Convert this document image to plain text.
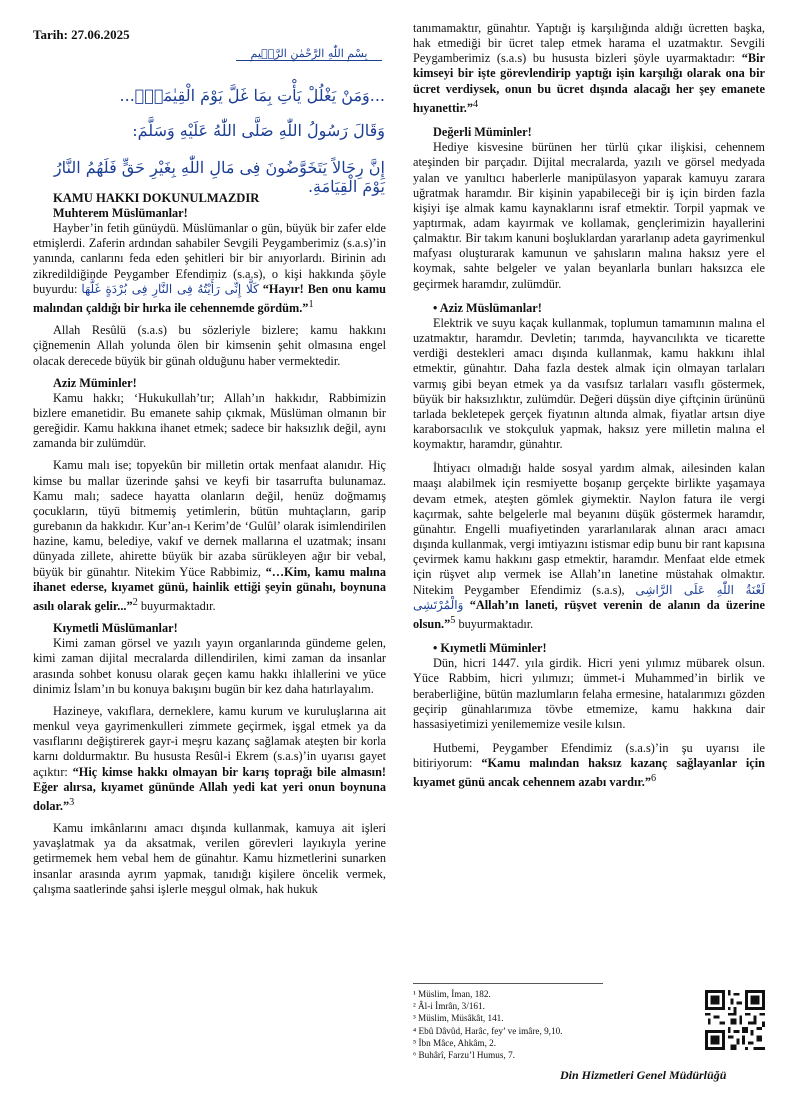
Tarih: 27.06.2025
بِسْمِ اللّٰهِ الرَّحْمٰنِ الرَّح۪يمِ
...وَمَنْ يَغْلُلْ يَأْتِ بِمَا غَلَّ يَوْمَ الْقِيٰمَةِۚ...
وَقَالَ رَسُولُ اللّٰهِ صَلَّى اللّٰهُ عَلَيْهِ وَسَلَّمَ:
إِنَّ رِجَالاً يَتَخَوَّضُونَ فِى مَالِ اللّٰهِ بِغَيْرِ حَقٍّ فَلَهُمُ النَّارُ يَوْمَ الْقِيَامَةِ.
KAMU HAKKI DOKUNULMAZDIR
Muhterem Müslümanlar!

Hayber’in fetih günüydü. Müslümanlar o gün, büyük bir zafer elde etmişlerdi. Zaferin ardından sahabiler Sevgili Peygamberimiz (s.a.s)’in yanında, canlarını feda eden şehitleri bir bir anıyorlardı. Birinin adı zikredildiğinde Peygamber Efendimiz (s.a.s), o kişi hakkında şöyle buyurdu: كَلَّا إِنِّى رَأَيْتُهُ فِى النَّارِ فِى بُرْدَةٍ غَلَّهَا “Hayır! Ben onu kamu malından çaldığı bir hırka ile cehennemde gördüm.”$^1$

Allah Resûlü (s.a.s) bu sözleriyle bizlere; kamu hakkını çiğnemenin Allah yolunda ölen bir kimsenin şehit olmasına engel olacak derecede büyük bir günah olduğunu haber vermektedir.

Aziz Müminler!

Kamu hakkı; ‘Hukukullah’tır; Allah’ın hakkıdır, Rabbimizin bizlere emanetidir. Bu emanete sahip çıkmak, Müslüman olmanın bir gereğidir. Kamu hakkına ihanet etmek; sadece bir haksızlık değil, aynı zamanda bir zulümdür.

Kamu malı ise; topyekûn bir milletin ortak menfaat alanıdır. Hiç kimse bu mallar üzerinde şahsi ve keyfi bir tasarrufta bulunamaz. Kamu malı; sadece hayatta olanların değil, henüz doğmamış çocukların, tüyü bitmemiş yetimlerin, bütün muhtaçların, garip gurebanın da hakkıdır. Kur’an-ı Kerim’de ‘Gulûl’ olarak isimlendirilen hazine, kamu, belediye, vakıf ve dernek mallarına el uzatmak; insanı dünyada zillete, ahirette büyük bir azaba sürükleyen ağır bir vebal, büyük bir günahtır. Nitekim Yüce Rabbimiz, “…Kim, kamu malına ihanet ederse, kıyamet günü, hainlik ettiği şeyin günahı, boynuna asılı olarak gelir...”$^2$ buyurmaktadır.

Kıymetli Müslümanlar!

Kimi zaman görsel ve yazılı yayın organlarında gündeme gelen, kimi zaman dijital mecralarda dillendirilen, kimi zaman da insanlar arasında sohbet konusu olarak geçen kamu hakkı ihlallerini ve yüce dinimiz İslam’ın bu konuya bakışını bugün bir kez daha hatırlayalım.

Hazineye, vakıflara, derneklere, kamu kurum ve kuruluşlarına ait menkul veya gayrimenkulleri zimmete geçirmek, işgal etmek ya da vasıflarını değiştirerek gayr-i meşru kazanç sağlamak ateşten bir korla karnı doldurmaktır. Bu hususta Resûl-i Ekrem (s.a.s)’in uyarısı gayet açıktır: “Hiç kimse hakkı olmayan bir karış toprağı bile almasın! Eğer alırsa, kıyamet gününde Allah yedi kat yeri onun boynuna dolar.”$^3$

Kamu imkânlarını amacı dışında kullanmak, kamuya ait işleri yavaşlatmak ya da aksatmak, verilen görevleri layıkıyla yerine getirmemek hem vebal hem de günahtır. Kamu hizmetlerini sunarken insanlar arasında ayrım yapmak, tanıdığı kişilere öncelik vermek, çalışma saatlerinde şahsi işlerle meşgul olmak, hak hukuk

tanımamaktır, günahtır. Yaptığı iş karşılığında aldığı ücretten başka, hak etmediği bir ücret talep etmek harama el uzatmaktır. Sevgili Peygamberimiz (s.a.s) bu hususta bizleri şöyle uyarmaktadır: “Bir kimseyi bir işte görevlendirip yaptığı işin karşılığı olarak ona bir ücret verdiysek, onun bu ücret dışında alacağı her şey emanete hıyanettir.”$^4$

Değerli Müminler!

Hediye kisvesine bürünen her türlü çıkar ilişkisi, cehennem ateşinden bir parçadır. Dijital mecralarda, yazılı ve görsel medyada yalan ve yanıltıcı haberlerle manipülasyon yaparak kamuyu zarara uğratmak haramdır. Bir kişinin yapabileceği bir iş için birden fazla kişiyi işe almak kamu kaynaklarını israf etmektir. Torpil yapmak ve yaptırmak, adam kayırmak ve kollamak, gençlerimizin hayallerini çalmaktır. Bir takım kanuni boşluklardan yararlanıp adeta gayrimenkul mafyası oluşturarak kamunun ve şahısların malına haksız yere el koymak, sahte belgeler ve yalan beyanlarla bunları haksızca ele geçirmek haramdır, zulümdür.

• Aziz Müslümanlar!

Elektrik ve suyu kaçak kullanmak, toplumun tamamının malına el uzatmaktır, haramdır. Devletin; tarımda, hayvancılıkta ve ticarette verdiği destekleri amacı dışında kullanmak, kamu hakkını ihlal etmektir, günahtır. Daha fazla destek almak için olmayan tarlaları varmış gibi beyan etmek ya da vasıfsız tarlaları vasıflı göstermek, büyük bir haksızlıktır, zulümdür. Değeri düşsün diye çiftçinin ürününü tarlada bekletерek gerçek fiyatının altında almak, fiyatlar artsın diye karaborsacılık ve stokçuluk yapmak, haksız yere milletin malına el koymaktır, haramdır, günahtır.

İhtiyacı olmadığı halde sosyal yardım almak, ailesinden kalan maaşı alabilmek için resmiyette boşanıp gerçekte birlikte yaşamaya devam etmek, ateşten gömlek giymektir. Naylon fatura ile vergi kaçırmak, sahte belgelerle mal beyanını düşük göstermek haramdır, günahtır. Engelli muafiyetinden yararlanılarak alınan aracı amacı dışında kullanmak, vergi imtiyazını istismar edip bunu bir rant kapısına çevirmek kamu hakkını gasp etmektir, haramdır. Menfaat elde etmek için rüşvet alıp vermek ise Allah’ın lanetine müstahak olmaktır. Nitekim Peygamber Efendimiz (s.a.s), لَعْنَةُ اللّٰهِ عَلَى الرَّاشِى وَالْمُرْتَشِى “Allah’ın laneti, rüşvet verenin de alanın da üzerine olsun.”$^5$ buyurmaktadır.

• Kıymetli Müminler!

Dün, hicri 1447. yıla girdik. Hicri yeni yılımız mübarek olsun. Yüce Rabbim, hicri yılımızı; ümmet-i Muhammed’in birlik ve beraberliğine, bütün mazlumların felaha ermesine, hatalarımızı gözden geçirip günahlarımıza tövbe etmemize, kamu hakkına dair hassasiyetimizi yenilememize vesile kılsın.

Hutbemi, Peygamber Efendimiz (s.a.s)’in şu uyarısı ile bitiriyorum: “Kamu malından haksız kazanç sağlayanlar için kıyamet günü ancak cehennem azabı vardır.”$^6$

¹ Müslim, İman, 182.
² Âl-i İmrân, 3/161.
³ Müslim, Müsâkât, 141.
⁴ Ebû Dâvûd, Harâc, fey’ ve imâre, 9,10.
⁵ İbn Mâce, Ahkâm, 2.
⁶ Buhârî, Farzu’l Humus, 7.
Din Hizmetleri Genel Müdürlüğü
